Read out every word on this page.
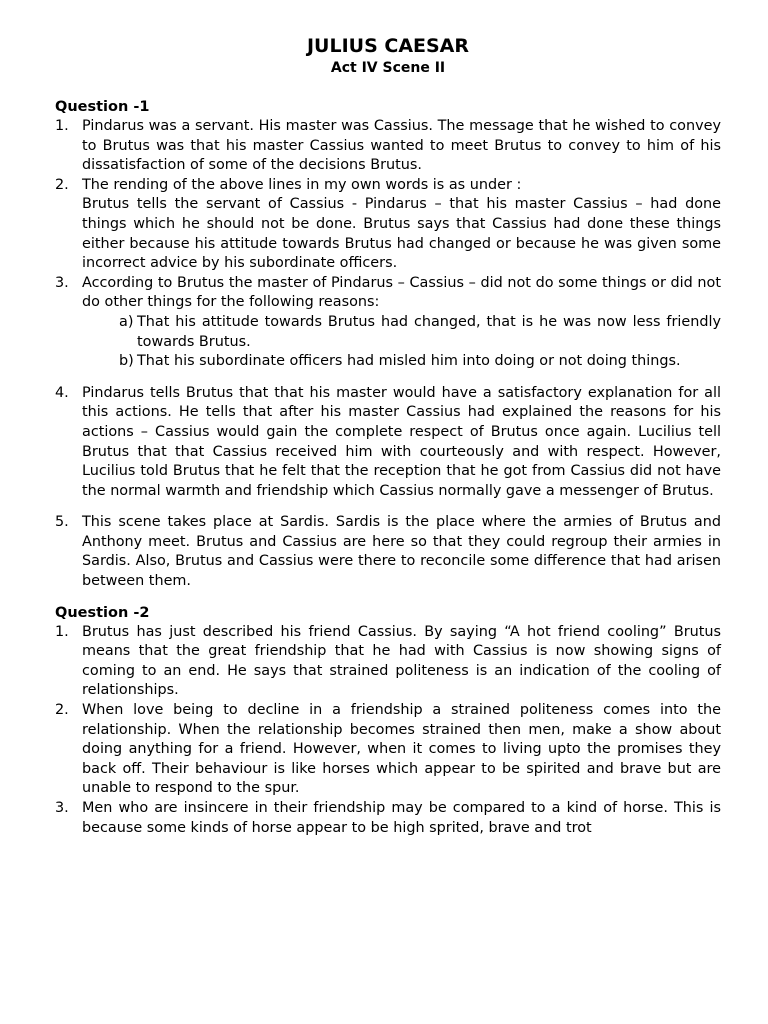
JULIUS CAESAR
Act IV Scene II
Question -1
1. Pindarus was a servant. His master was Cassius. The message that he wished to convey to Brutus was that his master Cassius wanted to meet Brutus to convey to him of his dissatisfaction of some of the decisions Brutus.

2. The rending of the above lines in my own words is as under :

Brutus tells the servant of Cassius - Pindarus – that his master Cassius – had done things which he should not be done. Brutus says that Cassius had done these things either because his attitude towards Brutus had changed or because he was given some incorrect advice by his subordinate officers.

3. According to Brutus the master of Pindarus – Cassius – did not do some things or did not do other things for the following reasons:

a) That his attitude towards Brutus had changed, that is he was now less friendly towards Brutus.
b) That his subordinate officers had misled him into doing or not doing things.
4. Pindarus tells Brutus that that his master would have a satisfactory explanation for all this actions. He tells that after his master Cassius had explained the reasons for his actions – Cassius would gain the complete respect of Brutus once again. Lucilius tell Brutus that that Cassius received him with courteously and with respect. However, Lucilius told Brutus that he felt that the reception that he got from Cassius did not have the normal warmth and friendship which Cassius normally gave a messenger of Brutus.

5. This scene takes place at Sardis. Sardis is the place where the armies of Brutus and Anthony meet. Brutus and Cassius are here so that they could regroup their armies in Sardis. Also, Brutus and Cassius were there to reconcile some difference that had arisen between them.

Question -2
1. Brutus has just described his friend Cassius. By saying “A hot friend cooling” Brutus means that the great friendship that he had with Cassius is now showing signs of coming to an end. He says that strained politeness is an indication of the cooling of relationships.

2. When love being to decline in a friendship a strained politeness comes into the relationship. When the relationship becomes strained then men, make a show about doing anything for a friend. However, when it comes to living upto the promises they back off. Their behaviour is like horses which appear to be spirited and brave but are unable to respond to the spur.

3. Men who are insincere in their friendship may be compared to a kind of horse. This is because some kinds of horse appear to be high sprited, brave and trot
